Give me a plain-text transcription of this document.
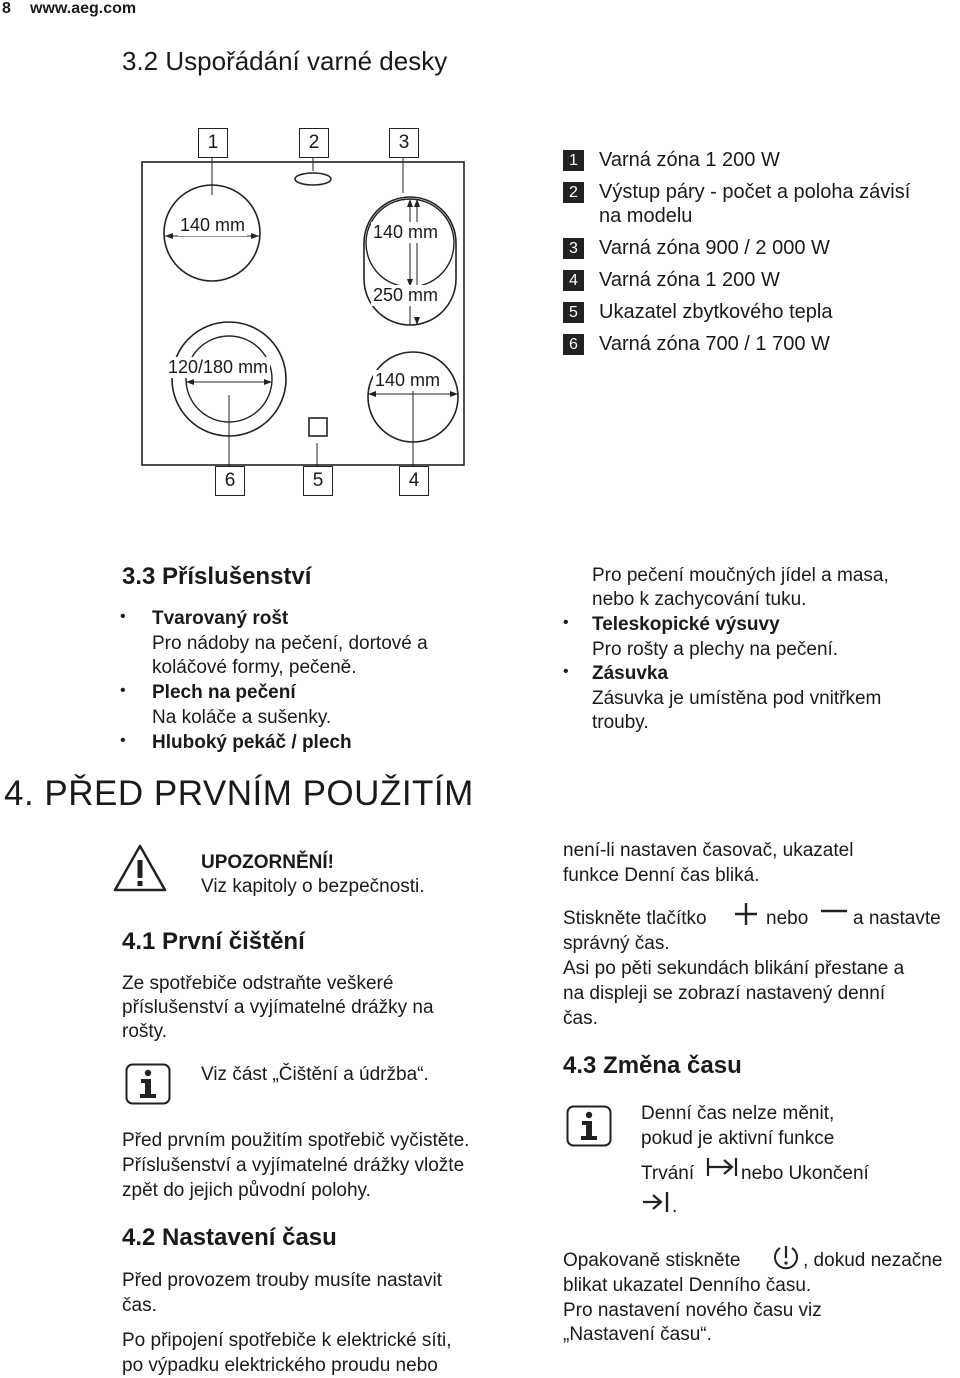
8 www.aeg.com
3.2 Uspořádání varné desky
140 mm	140 mm
250 mm
120/180 mm
140 mm
1	2	3
6	5	4
1	Varná zóna 1 200 W
2	Výstup páry - počet a poloha závisí
na modelu
3	Varná zóna 900 / 2 000 W
4	Varná zóna 1 200 W
5	Ukazatel zbytkového tepla
6	Varná zóna 700 / 1 700 W
3.3 Příslušenství
• Tvarovaný rošt
Pro nádoby na pečení, dortové a
koláčové formy, pečeně.
• Plech na pečení
Na koláče a sušenky.
• Hluboký pekáč / plech
Pro pečení moučných jídel a masa,
nebo k zachycování tuku.
• Teleskopické výsuvy
Pro rošty a plechy na pečení.
• Zásuvka
Zásuvka je umístěna pod vnitřkem
trouby.
4. PŘED PRVNÍM POUŽITÍM
UPOZORNĚNÍ!
Viz kapitoly o bezpečnosti.
4.1 První čištění
Ze spotřebiče odstraňte veškeré
příslušenství a vyjímatelné drážky na
rošty.
Viz část „Čištění a údržba“.
Před prvním použitím spotřebič vyčistěte.
Příslušenství a vyjímatelné drážky vložte
zpět do jejich původní polohy.
4.2 Nastavení času
Před provozem trouby musíte nastavit
čas.
Po připojení spotřebiče k elektrické síti,
po výpadku elektrického proudu nebo
není-li nastaven časovač, ukazatel
funkce Denní čas bliká.
Stiskněte tlačítko	nebo a nastavte
správný čas.
Asi po pěti sekundách blikání přestane a
na displeji se zobrazí nastavený denní
čas.
4.3 Změna času
Denní čas nelze měnit,
pokud je aktivní funkce
Trvání nebo Ukončení
.
Opakovaně stiskněte	, dokud nezačne
blikat ukazatel Denního času.
Pro nastavení nového času viz
„Nastavení času“.
